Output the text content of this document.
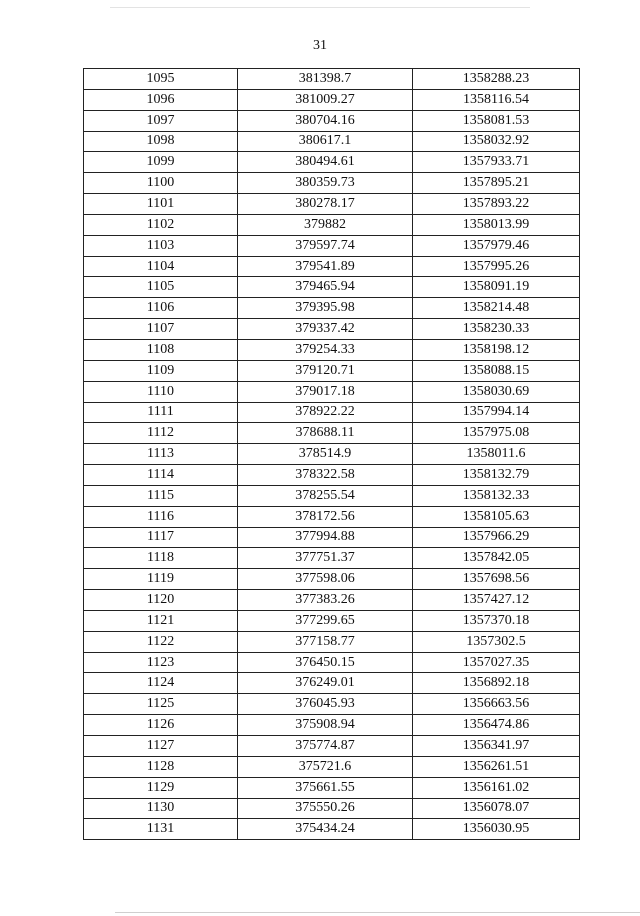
31
1095	381398.7	1358288.23
1096	381009.27	1358116.54
1097	380704.16	1358081.53
1098	380617.1	1358032.92
1099	380494.61	1357933.71
1100	380359.73	1357895.21
1101	380278.17	1357893.22
1102	379882	1358013.99
1103	379597.74	1357979.46
1104	379541.89	1357995.26
1105	379465.94	1358091.19
1106	379395.98	1358214.48
1107	379337.42	1358230.33
1108	379254.33	1358198.12
1109	379120.71	1358088.15
1110	379017.18	1358030.69
1111	378922.22	1357994.14
1112	378688.11	1357975.08
1113	378514.9	1358011.6
1114	378322.58	1358132.79
1115	378255.54	1358132.33
1116	378172.56	1358105.63
1117	377994.88	1357966.29
1118	377751.37	1357842.05
1119	377598.06	1357698.56
1120	377383.26	1357427.12
1121	377299.65	1357370.18
1122	377158.77	1357302.5
1123	376450.15	1357027.35
1124	376249.01	1356892.18
1125	376045.93	1356663.56
1126	375908.94	1356474.86
1127	375774.87	1356341.97
1128	375721.6	1356261.51
1129	375661.55	1356161.02
1130	375550.26	1356078.07
1131	375434.24	1356030.95
